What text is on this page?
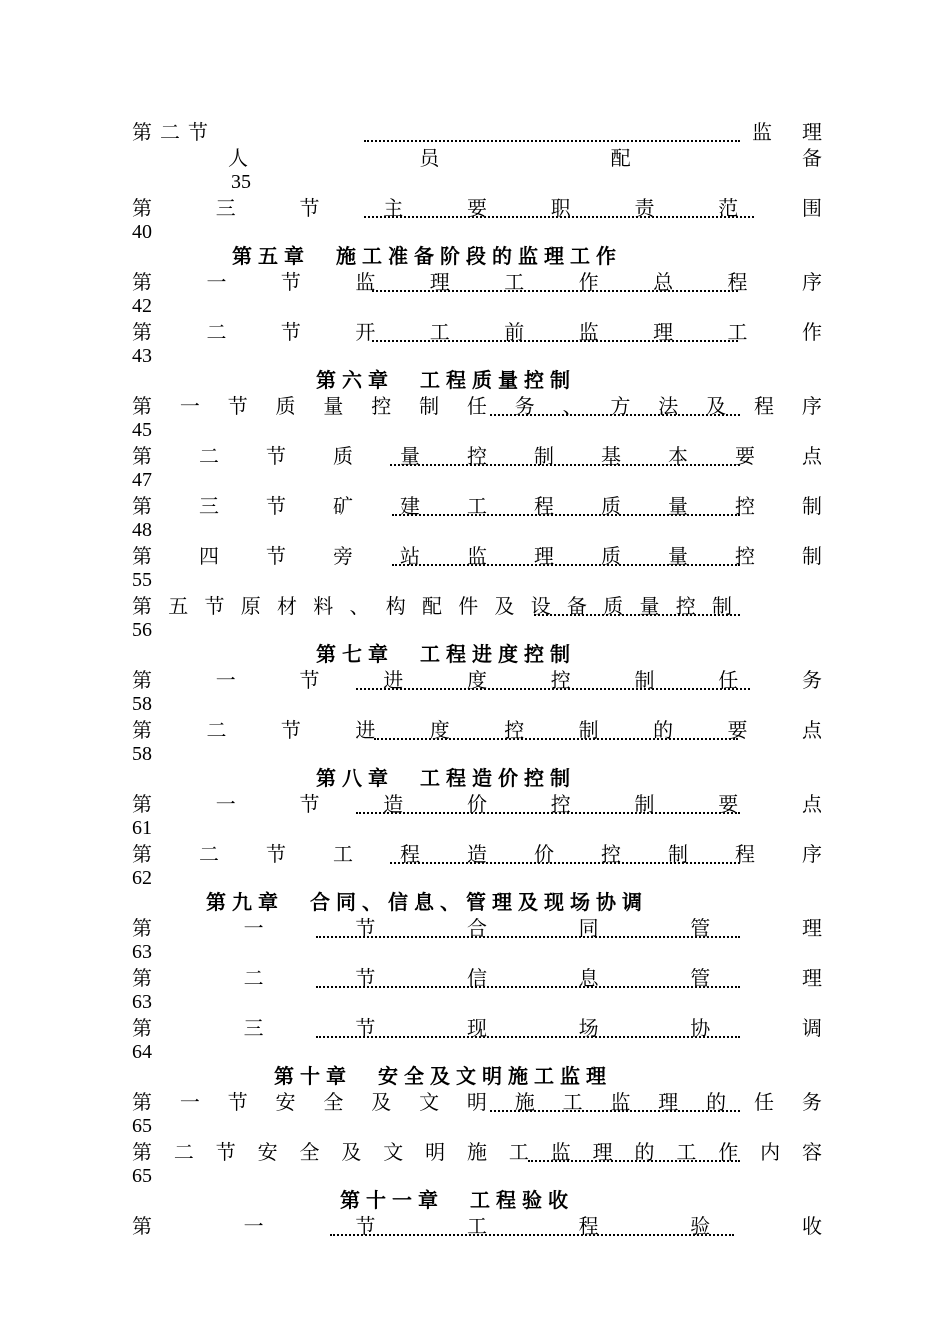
第二节	监理
人	员	配	备
35
第	三	节	主	要	职	责	范	围
40
第五章　施工准备阶段的监理工作
第	一	节	监	理	工	作	总	程	序
42
第	二	节	开	工	前	监	理	工	作
43
第六章　工程质量控制
第 一 节 质 量 控 制 任 务 、 方 法 及 程 序
45
第 二 节 质 量 控 制 基 本 要 点
47
第 三 节 矿 建 工 程 质 量 控 制
48
第 四 节 旁 站 监 理 质 量 控 制
55
第 五 节 原 材 料 、 构 配 件 及 设 备 质 量 控 制
56
第七章　工程进度控制
第	一	节	进	度	控	制	任	务
58
第	二	节	进	度	控	制	的	要	点
58
第八章　工程造价控制
第	一	节	造	价	控	制	要	点
61
第 二 节 工 程 造 价 控 制 程 序
62
第九章　合同、信息、管理及现场协调
第	一	节	合	同	管	理
63
第	二	节	信	息	管	理
63
第	三	节	现	场	协	调
64
第十章　安全及文明施工监理
第 一 节 安 全 及 文 明 施 工 监 理 的 任 务
65
第 二 节 安 全 及 文 明 施 工 监 理 的 工 作 内 容
65
第十一章　工程验收
第	一	节	工	程	验	收
